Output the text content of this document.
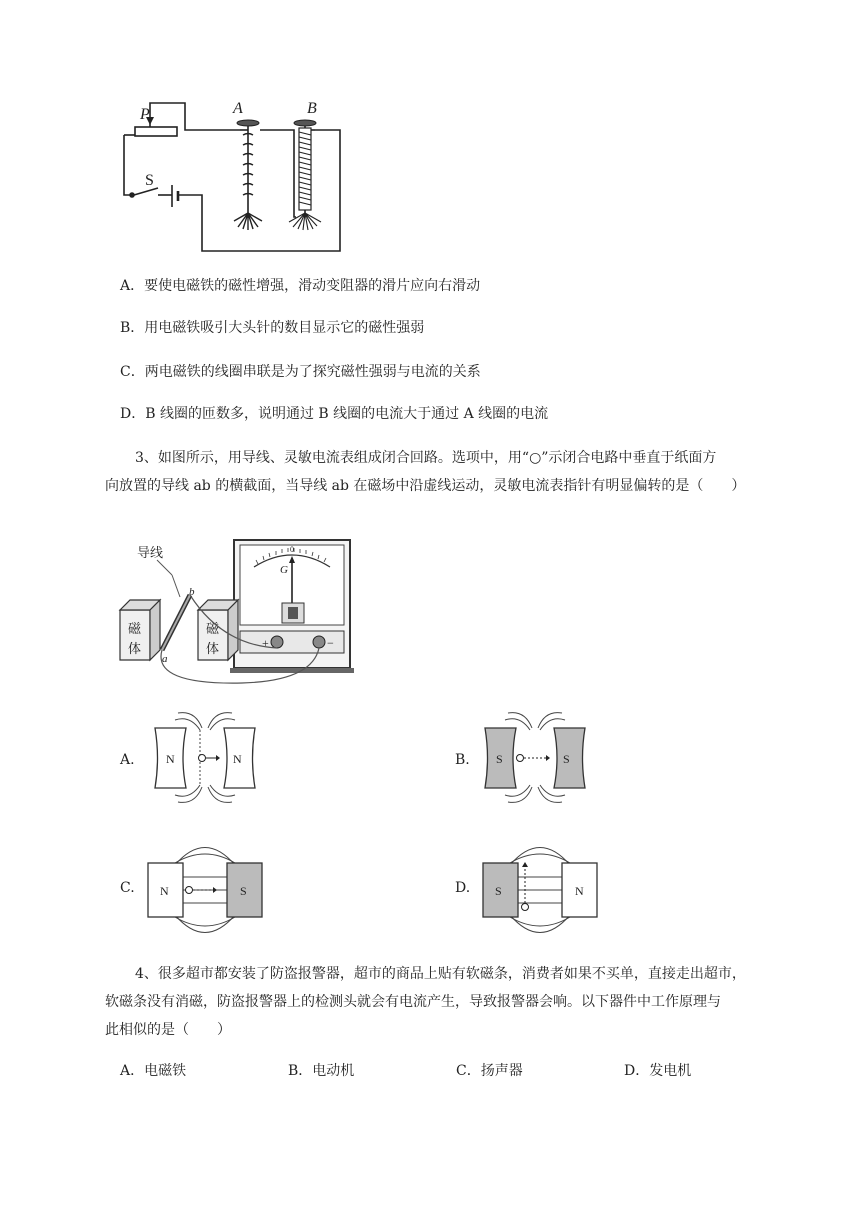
P	A	B
S
A．要使电磁铁的磁性增强，滑动变阻器的滑片应向右滑动
B．用电磁铁吸引大头针的数目显示它的磁性强弱
C．两电磁铁的线圈串联是为了探究磁性强弱与电流的关系
D．B 线圈的匝数多，说明通过 B 线圈的电流大于通过 A 线圈的电流
3、如图所示，用导线、灵敏电流表组成闭合回路。选项中，用“○”示闭合电路中垂直于纸面方
向放置的导线 ab 的横截面，当导线 ab 在磁场中沿虚线运动，灵敏电流表指针有明显偏转的是（　　）
G
0
+	−
磁
体
磁
体
a
b
导线
A.	N	N	B. S	S
C. N	S	D. S	N
4、很多超市都安装了防盗报警器，超市的商品上贴有软磁条，消费者如果不买单，直接走出超市，
软磁条没有消磁，防盗报警器上的检测头就会有电流产生，导致报警器会响。以下器件中工作原理与
此相似的是（　　）
A．电磁铁	B．电动机	C．扬声器	D．发电机
